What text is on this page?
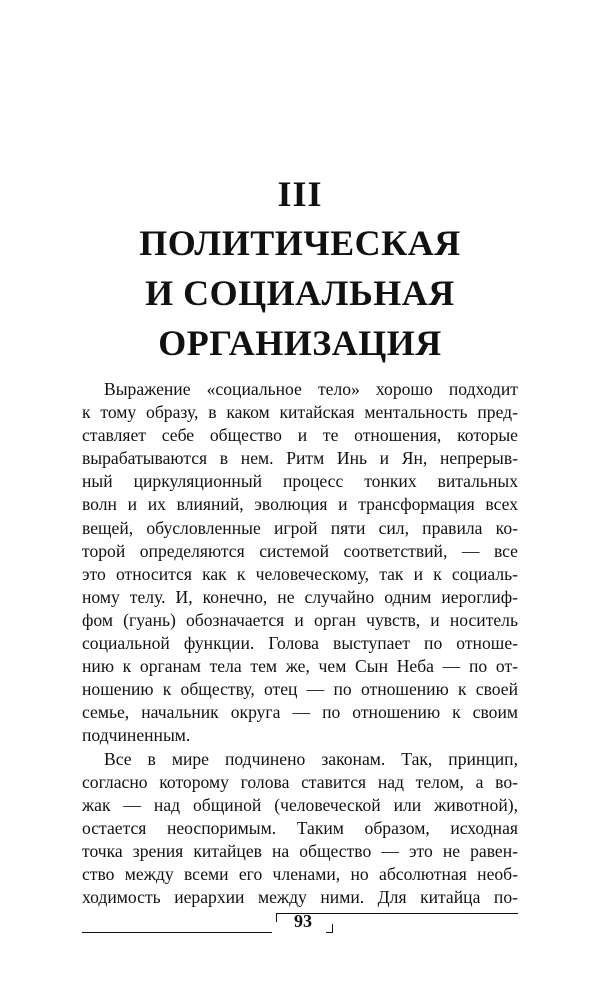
III
ПОЛИТИЧЕСКАЯ
И СОЦИАЛЬНАЯ
ОРГАНИЗАЦИЯ
Выражение «социальное тело» хорошо подходит
к тому образу, в каком китайская ментальность пред-
ставляет себе общество и те отношения, которые
вырабатываются в нем. Ритм Инь и Ян, непрерыв-
ный циркуляционный процесс тонких витальных
волн и их влияний, эволюция и трансформация всех
вещей, обусловленные игрой пяти сил, правила ко-
торой определяются системой соответствий, — все
это относится как к человеческому, так и к социаль-
ному телу. И, конечно, не случайно одним иероглиф-
фом (гуань) обозначается и орган чувств, и носитель
социальной функции. Голова выступает по отноше-
нию к органам тела тем же, чем Сын Неба — по от-
ношению к обществу, отец — по отношению к своей
семье, начальник округа — по отношению к своим
подчиненным.
Все в мире подчинено законам. Так, принцип,
согласно которому голова ставится над телом, а во-
жак — над общиной (человеческой или животной),
остается неоспоримым. Таким образом, исходная
точка зрения китайцев на общество — это не равен-
ство между всеми его членами, но абсолютная необ-
ходимость иерархии между ними. Для китайца по-
93
